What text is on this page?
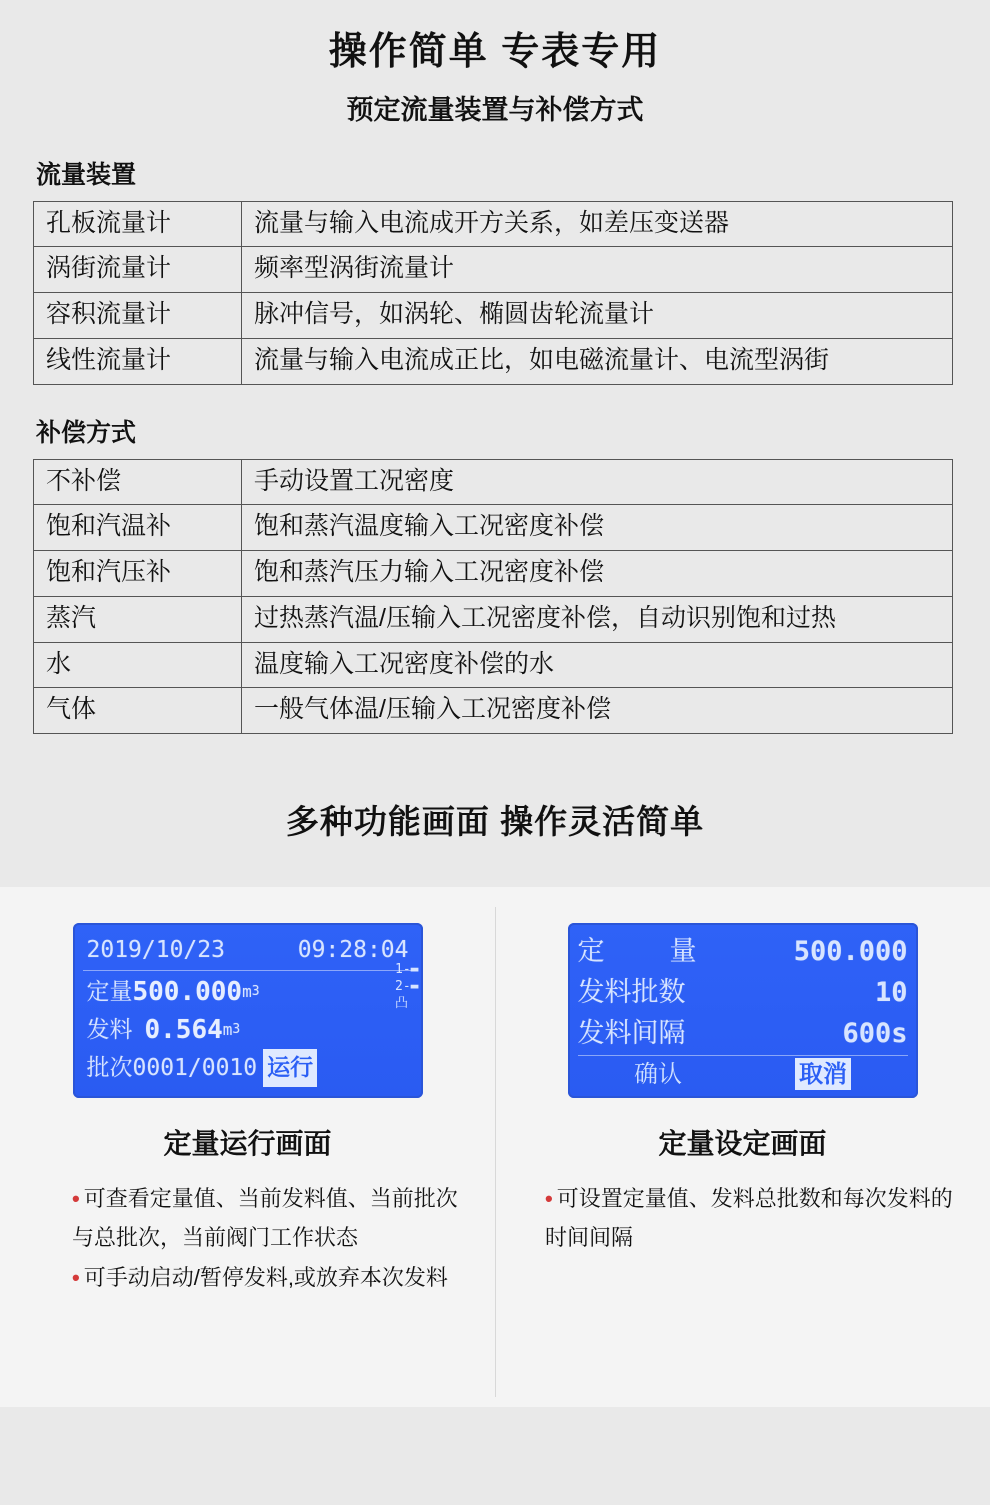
操作简单 专表专用
预定流量装置与补偿方式
流量装置
孔板流量计	流量与输入电流成开方关系，如差压变送器
涡街流量计	频率型涡街流量计
容积流量计	脉冲信号，如涡轮、椭圆齿轮流量计
线性流量计	流量与输入电流成正比，如电磁流量计、电流型涡街
补偿方式
不补偿	手动设置工况密度
饱和汽温补	饱和蒸汽温度输入工况密度补偿
饱和汽压补	饱和蒸汽压力输入工况密度补偿
蒸汽	过热蒸汽温/压输入工况密度补偿，自动识别饱和过热
水	温度输入工况密度补偿的水
气体	一般气体温/压输入工况密度补偿
多种功能画面 操作灵活简单
2019/10/23	09:28:04
定量 500.000 m 3
发料 0.564 m 3
批次 0001/0010 运行
1-▬
2-▬
凸
定量运行画面
• 可查看定量值、当前发料值、当前批次与总批次，当前阀门工作状态
• 可手动启动/暂停发料,或放弃本次发料
定    量	500.000
发料批数	10
发料间隔	600s
确认	取消
定量设定画面
• 可设置定量值、发料总批数和每次发料的时间间隔
